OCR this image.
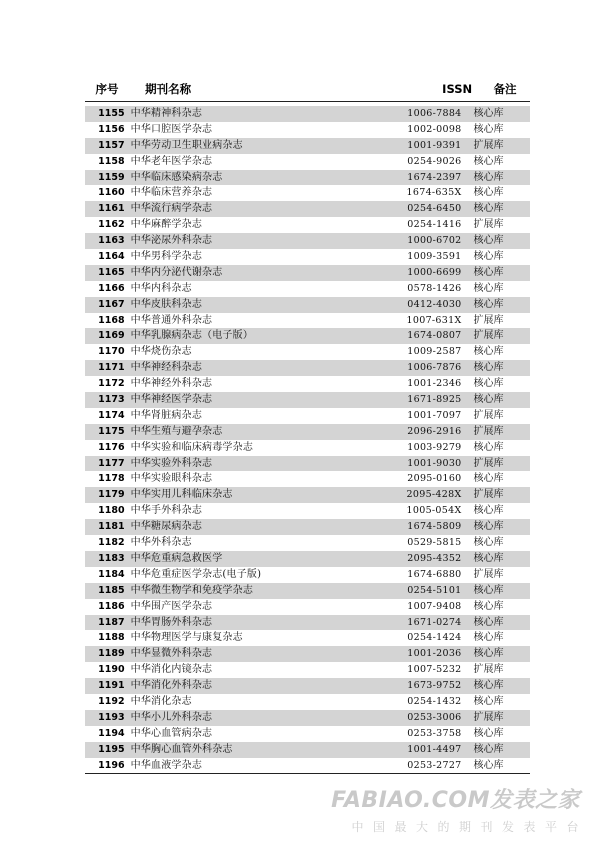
序号	期刊名称	ISSN	备注
1155 中华精神科杂志	1006-7884	核心库
1156 中华口腔医学杂志	1002-0098	核心库
1157 中华劳动卫生职业病杂志	1001-9391	扩展库
1158 中华老年医学杂志	0254-9026	核心库
1159 中华临床感染病杂志	1674-2397	核心库
1160 中华临床营养杂志	1674-635X	核心库
1161 中华流行病学杂志	0254-6450	核心库
1162 中华麻醉学杂志	0254-1416	扩展库
1163 中华泌尿外科杂志	1000-6702	核心库
1164 中华男科学杂志	1009-3591	核心库
1165 中华内分泌代谢杂志	1000-6699	核心库
1166 中华内科杂志	0578-1426	核心库
1167 中华皮肤科杂志	0412-4030	核心库
1168 中华普通外科杂志	1007-631X	扩展库
1169 中华乳腺病杂志（电子版）	1674-0807	扩展库
1170 中华烧伤杂志	1009-2587	核心库
1171 中华神经科杂志	1006-7876	核心库
1172 中华神经外科杂志	1001-2346	核心库
1173 中华神经医学杂志	1671-8925	核心库
1174 中华肾脏病杂志	1001-7097	扩展库
1175 中华生殖与避孕杂志	2096-2916	扩展库
1176 中华实验和临床病毒学杂志	1003-9279	核心库
1177 中华实验外科杂志	1001-9030	扩展库
1178 中华实验眼科杂志	2095-0160	核心库
1179 中华实用儿科临床杂志	2095-428X	扩展库
1180 中华手外科杂志	1005-054X	核心库
1181 中华糖尿病杂志	1674-5809	核心库
1182 中华外科杂志	0529-5815	核心库
1183 中华危重病急救医学	2095-4352	核心库
1184 中华危重症医学杂志(电子版)	1674-6880	扩展库
1185 中华微生物学和免疫学杂志	0254-5101	核心库
1186 中华围产医学杂志	1007-9408	核心库
1187 中华胃肠外科杂志	1671-0274	核心库
1188 中华物理医学与康复杂志	0254-1424	核心库
1189 中华显微外科杂志	1001-2036	核心库
1190 中华消化内镜杂志	1007-5232	扩展库
1191 中华消化外科杂志	1673-9752	核心库
1192 中华消化杂志	0254-1432	核心库
1193 中华小儿外科杂志	0253-3006	扩展库
1194 中华心血管病杂志	0253-3758	核心库
1195 中华胸心血管外科杂志	1001-4497	核心库
1196 中华血液学杂志	0253-2727	核心库
FABIAO.COM发表之家
中国最大的期刊发表平台
